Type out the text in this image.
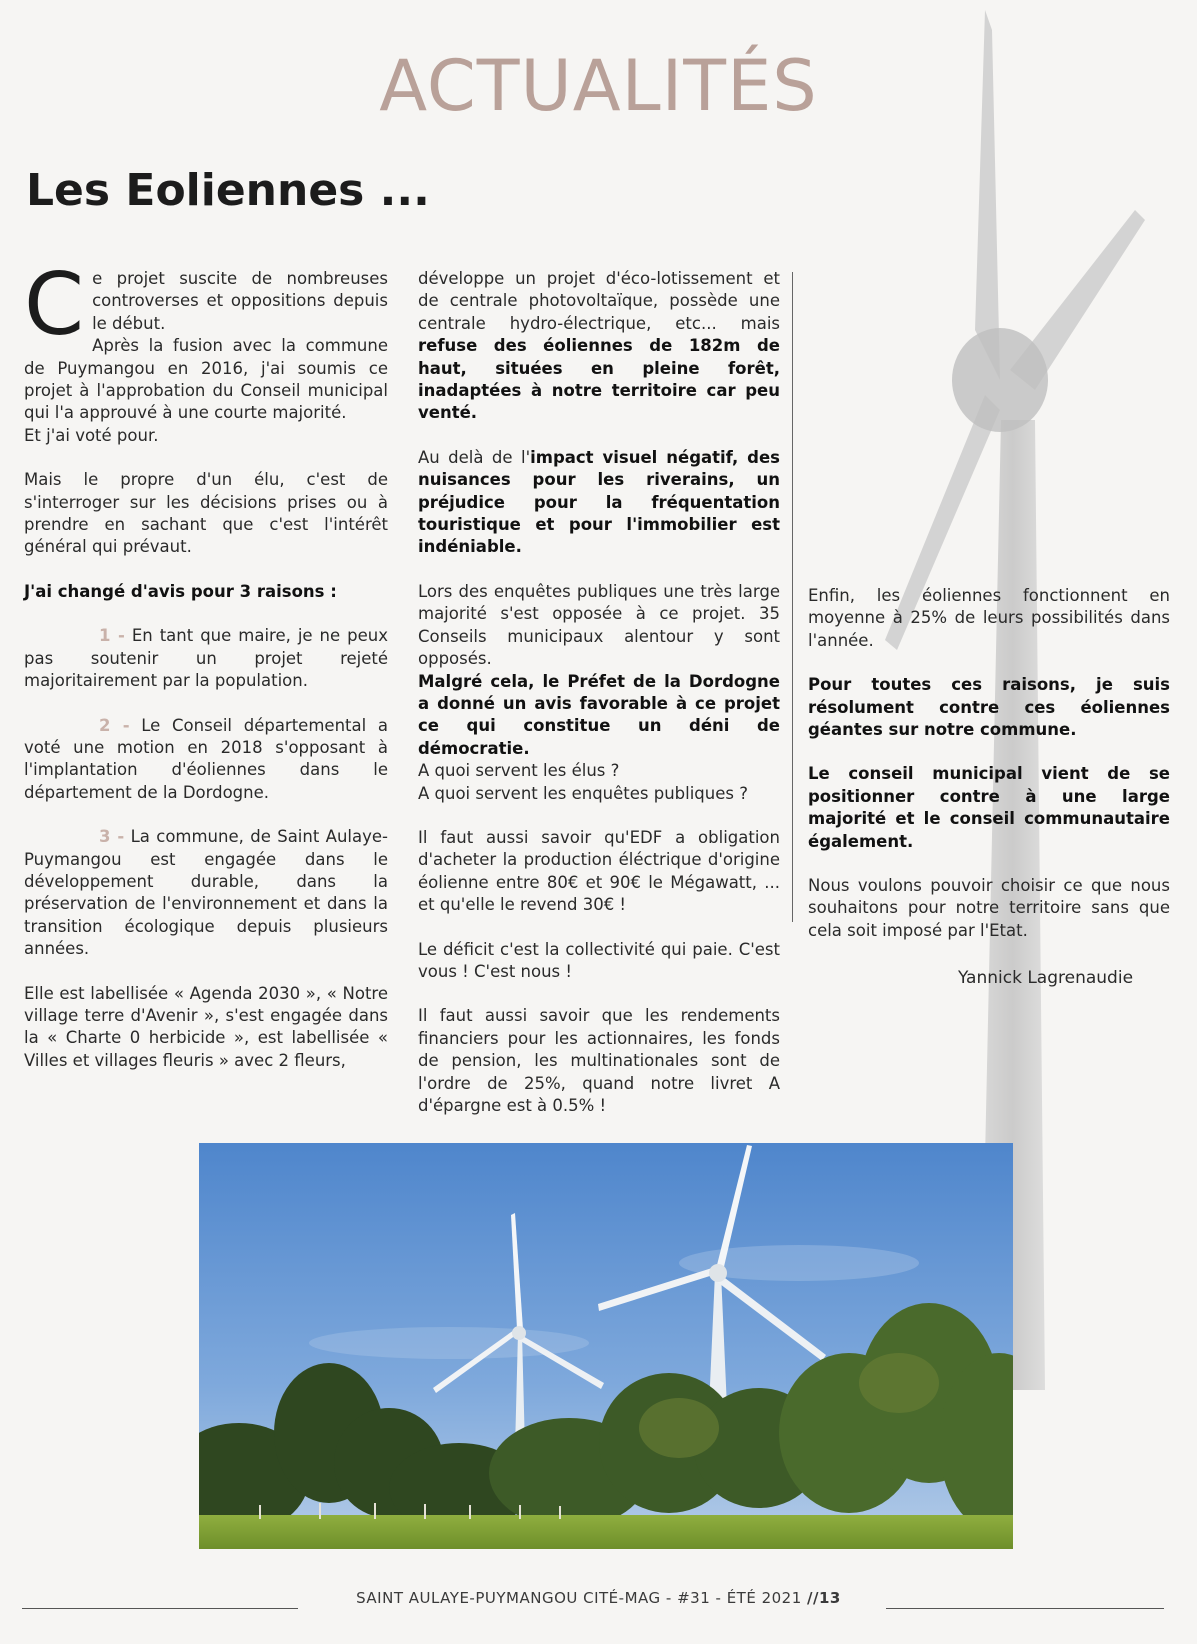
ACTUALITÉS
Les Eoliennes ...

C e projet suscite de nombreuses controverses et oppositions depuis le début.

Après la fusion avec la commune de Puymangou en 2016, j'ai soumis ce projet à l'approbation du Conseil municipal qui l'a approuvé à une courte majorité.

Et j'ai voté pour.

Mais le propre d'un élu, c'est de s'interroger sur les décisions prises ou à prendre en sachant que c'est l'intérêt général qui prévaut.

J'ai changé d'avis pour 3 raisons :

1 - En tant que maire, je ne peux pas soutenir un projet rejeté majoritairement par la population.

2 - Le Conseil départemental a voté une motion en 2018 s'opposant à l'implantation d'éoliennes dans le département de la Dordogne.

3 - La commune, de Saint Aulaye-Puymangou est engagée dans le développement durable, dans la préservation de l'environnement et dans la transition écologique depuis plusieurs années.

Elle est labellisée « Agenda 2030 », « Notre village terre d'Avenir », s'est engagée dans la « Charte 0 herbicide », est labellisée « Villes et villages fleuris » avec 2 fleurs,

développe un projet d'éco-lotissement et de centrale photovoltaïque, possède une centrale hydro-électrique, etc... mais refuse des éoliennes de 182m de haut, situées en pleine forêt, inadaptées à notre territoire car peu venté.

Au delà de l'impact visuel négatif, des nuisances pour les riverains, un préjudice pour la fréquentation touristique et pour l'immobilier est indéniable.

Lors des enquêtes publiques une très large majorité s'est opposée à ce projet. 35 Conseils municipaux alentour y sont opposés.

Malgré cela, le Préfet de la Dordogne a donné un avis favorable à ce projet ce qui constitue un déni de démocratie.

A quoi servent les élus ?

A quoi servent les enquêtes publiques ?

Il faut aussi savoir qu'EDF a obligation d'acheter la production éléctrique d'origine éolienne entre 80€ et 90€ le Mégawatt, ... et qu'elle le revend 30€ !

Le déficit c'est la collectivité qui paie. C'est vous ! C'est nous !

Il faut aussi savoir que les rendements financiers pour les actionnaires, les fonds de pension, les multinationales sont de l'ordre de 25%, quand notre livret A d'épargne est à 0.5% !

Enfin, les éoliennes fonctionnent en moyenne à 25% de leurs possibilités dans l'année.

Pour toutes ces raisons, je suis résolument contre ces éoliennes géantes sur notre commune.

Le conseil municipal vient de se positionner contre à une large majorité et le conseil communautaire également.

Nous voulons pouvoir choisir ce que nous souhaitons pour notre territoire sans que cela soit imposé par l'Etat.

Yannick Lagrenaudie
SAINT AULAYE-PUYMANGOU CITÉ-MAG - #31 - ÉTÉ 2021 //13
